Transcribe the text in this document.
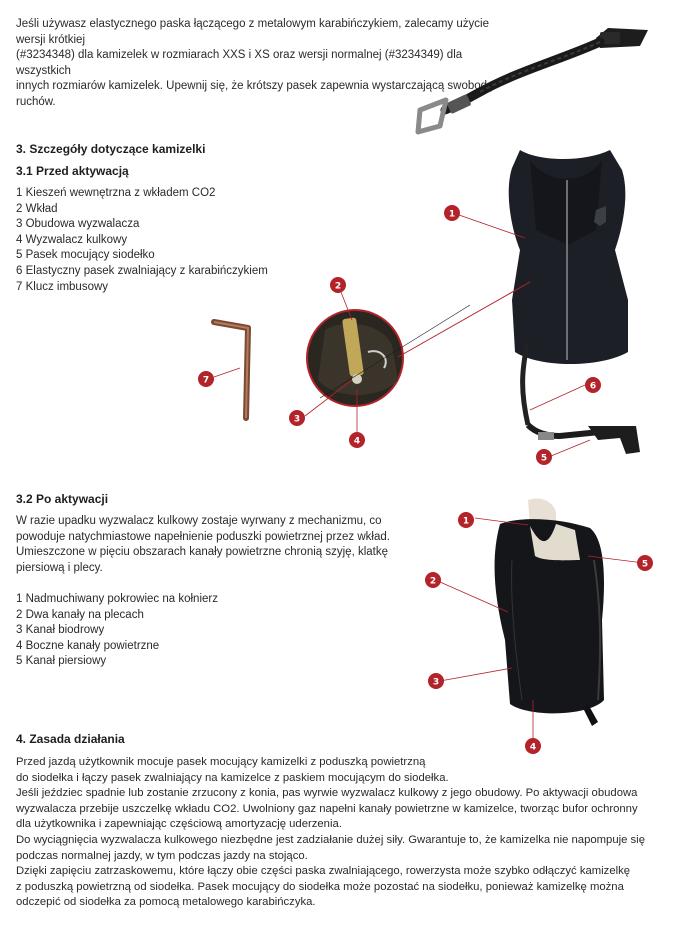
Jeśli używasz elastycznego paska łączącego z metalowym karabińczykiem, zalecamy użycie wersji krótkiej
(#3234348) dla kamizelek w rozmiarach XXS i XS oraz wersji normalnej (#3234349) dla wszystkich
innych rozmiarów kamizelek. Upewnij się, że krótszy pasek zapewnia wystarczającą swobodę
ruchów.
3. Szczegóły dotyczące kamizelki
3.1 Przed aktywacją
1 Kieszeń wewnętrzna z wkładem CO2
2 Wkład
3 Obudowa wyzwalacza
4 Wyzwalacz kulkowy
5 Pasek mocujący siodełko
6 Elastyczny pasek zwalniający z karabińczykiem
7 Klucz imbusowy
3.2 Po aktywacji
W razie upadku wyzwalacz kulkowy zostaje wyrwany z mechanizmu, co
powoduje natychmiastowe napełnienie poduszki powietrznej przez wkład.
Umieszczone w pięciu obszarach kanały powietrzne chronią szyję, klatkę
piersiową i plecy.
1 Nadmuchiwany pokrowiec na kołnierz
2 Dwa kanały na plecach
3 Kanał biodrowy
4 Boczne kanały powietrzne
5 Kanał piersiowy
4. Zasada działania
Przed jazdą użytkownik mocuje pasek mocujący kamizelki z poduszką powietrzną
do siodełka i łączy pasek zwalniający na kamizelce z paskiem mocującym do siodełka.
Jeśli jeździec spadnie lub zostanie zrzucony z konia, pas wyrwie wyzwalacz kulkowy z jego obudowy. Po aktywacji obudowa
wyzwalacza przebije uszczelkę wkładu CO2. Uwolniony gaz napełni kanały powietrzne w kamizelce, tworząc bufor ochronny
dla użytkownika i zapewniając częściową amortyzację uderzenia.
Do wyciągnięcia wyzwalacza kulkowego niezbędne jest zadziałanie dużej siły. Gwarantuje to, że kamizelka nie napompuje się
podczas normalnej jazdy, w tym podczas jazdy na stojąco.
Dzięki zapięciu zatrzaskowemu, które łączy obie części paska zwalniającego, rowerzysta może szybko odłączyć kamizelkę
z poduszką powietrzną od siodełka. Pasek mocujący do siodełka może pozostać na siodełku, ponieważ kamizelkę można
odczepić od siodełka za pomocą metalowego karabińczyka.
1
2
3
4
5
6
7
1
2
3
4
5
